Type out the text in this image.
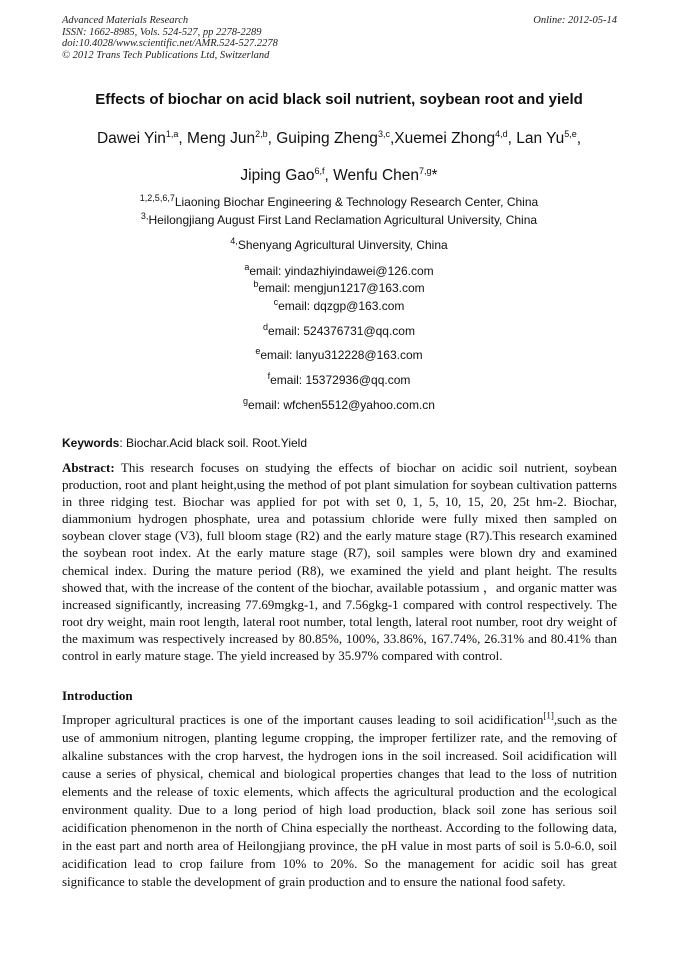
Advanced Materials Research
ISSN: 1662-8985, Vols. 524-527, pp 2278-2289
doi:10.4028/www.scientific.net/AMR.524-527.2278
© 2012 Trans Tech Publications Ltd, Switzerland
Online: 2012-05-14
Effects of biochar on acid black soil nutrient, soybean root and yield
Dawei Yin$^{1,a}$, Meng Jun$^{2,b}$, Guiping Zheng$^{3,c}$,Xuemei Zhong$^{4,d}$, Lan Yu$^{5,e}$,
Jiping Gao$^{6,f}$, Wenfu Chen$^{7,g}$*
$^{1,2,5,6,7}$Liaoning Biochar Engineering & Technology Research Center, China
$^{3,}$Heilongjiang August First Land Reclamation Agricultural University, China
$^{4,}$Shenyang Agricultural Uinversity, China
$^a$email: yindazhiyindawei@126.com
$^b$email: mengjun1217@163.com
$^c$email: dqzgp@163.com
$^d$email: 524376731@qq.com
$^e$email: lanyu312228@163.com
$^f$email: 15372936@qq.com
$^g$email: wfchen5512@yahoo.com.cn
Keywords: Biochar.Acid black soil. Root.Yield
Abstract: This research focuses on studying the effects of biochar on acidic soil nutrient, soybean production, root and plant height,using the method of pot plant simulation for soybean cultivation patterns in three ridging test. Biochar was applied for pot with set 0, 1, 5, 10, 15, 20, 25t hm-2. Biochar, diammonium hydrogen phosphate, urea and potassium chloride were fully mixed then sampled on soybean clover stage (V3), full bloom stage (R2) and the early mature stage (R7).This research examined the soybean root index. At the early mature stage (R7), soil samples were blown dry and examined chemical index. During the mature period (R8), we examined the yield and plant height. The results showed that, with the increase of the content of the biochar, available potassium ，and organic matter was increased significantly, increasing 77.69mgkg-1, and 7.56gkg-1 compared with control respectively. The root dry weight, main root length, lateral root number, total length, lateral root number, root dry weight of the maximum was respectively increased by 80.85%, 100%, 33.86%, 167.74%, 26.31% and 80.41% than control in early mature stage. The yield increased by 35.97% compared with control.
Introduction
Improper agricultural practices is one of the important causes leading to soil acidification[1],such as the use of ammonium nitrogen, planting legume cropping, the improper fertilizer rate, and the removing of alkaline substances with the crop harvest, the hydrogen ions in the soil increased. Soil acidification will cause a series of physical, chemical and biological properties changes that lead to the loss of nutrition elements and the release of toxic elements, which affects the agricultural production and the ecological environment quality. Due to a long period of high load production, black soil zone has serious soil acidification phenomenon in the north of China especially the northeast. According to the following data, in the east part and north area of Heilongjiang province, the pH value in most parts of soil is 5.0-6.0, soil acidification lead to crop failure from 10% to 20%. So the management for acidic soil has great significance to stable the development of grain production and to ensure the national food safety.
